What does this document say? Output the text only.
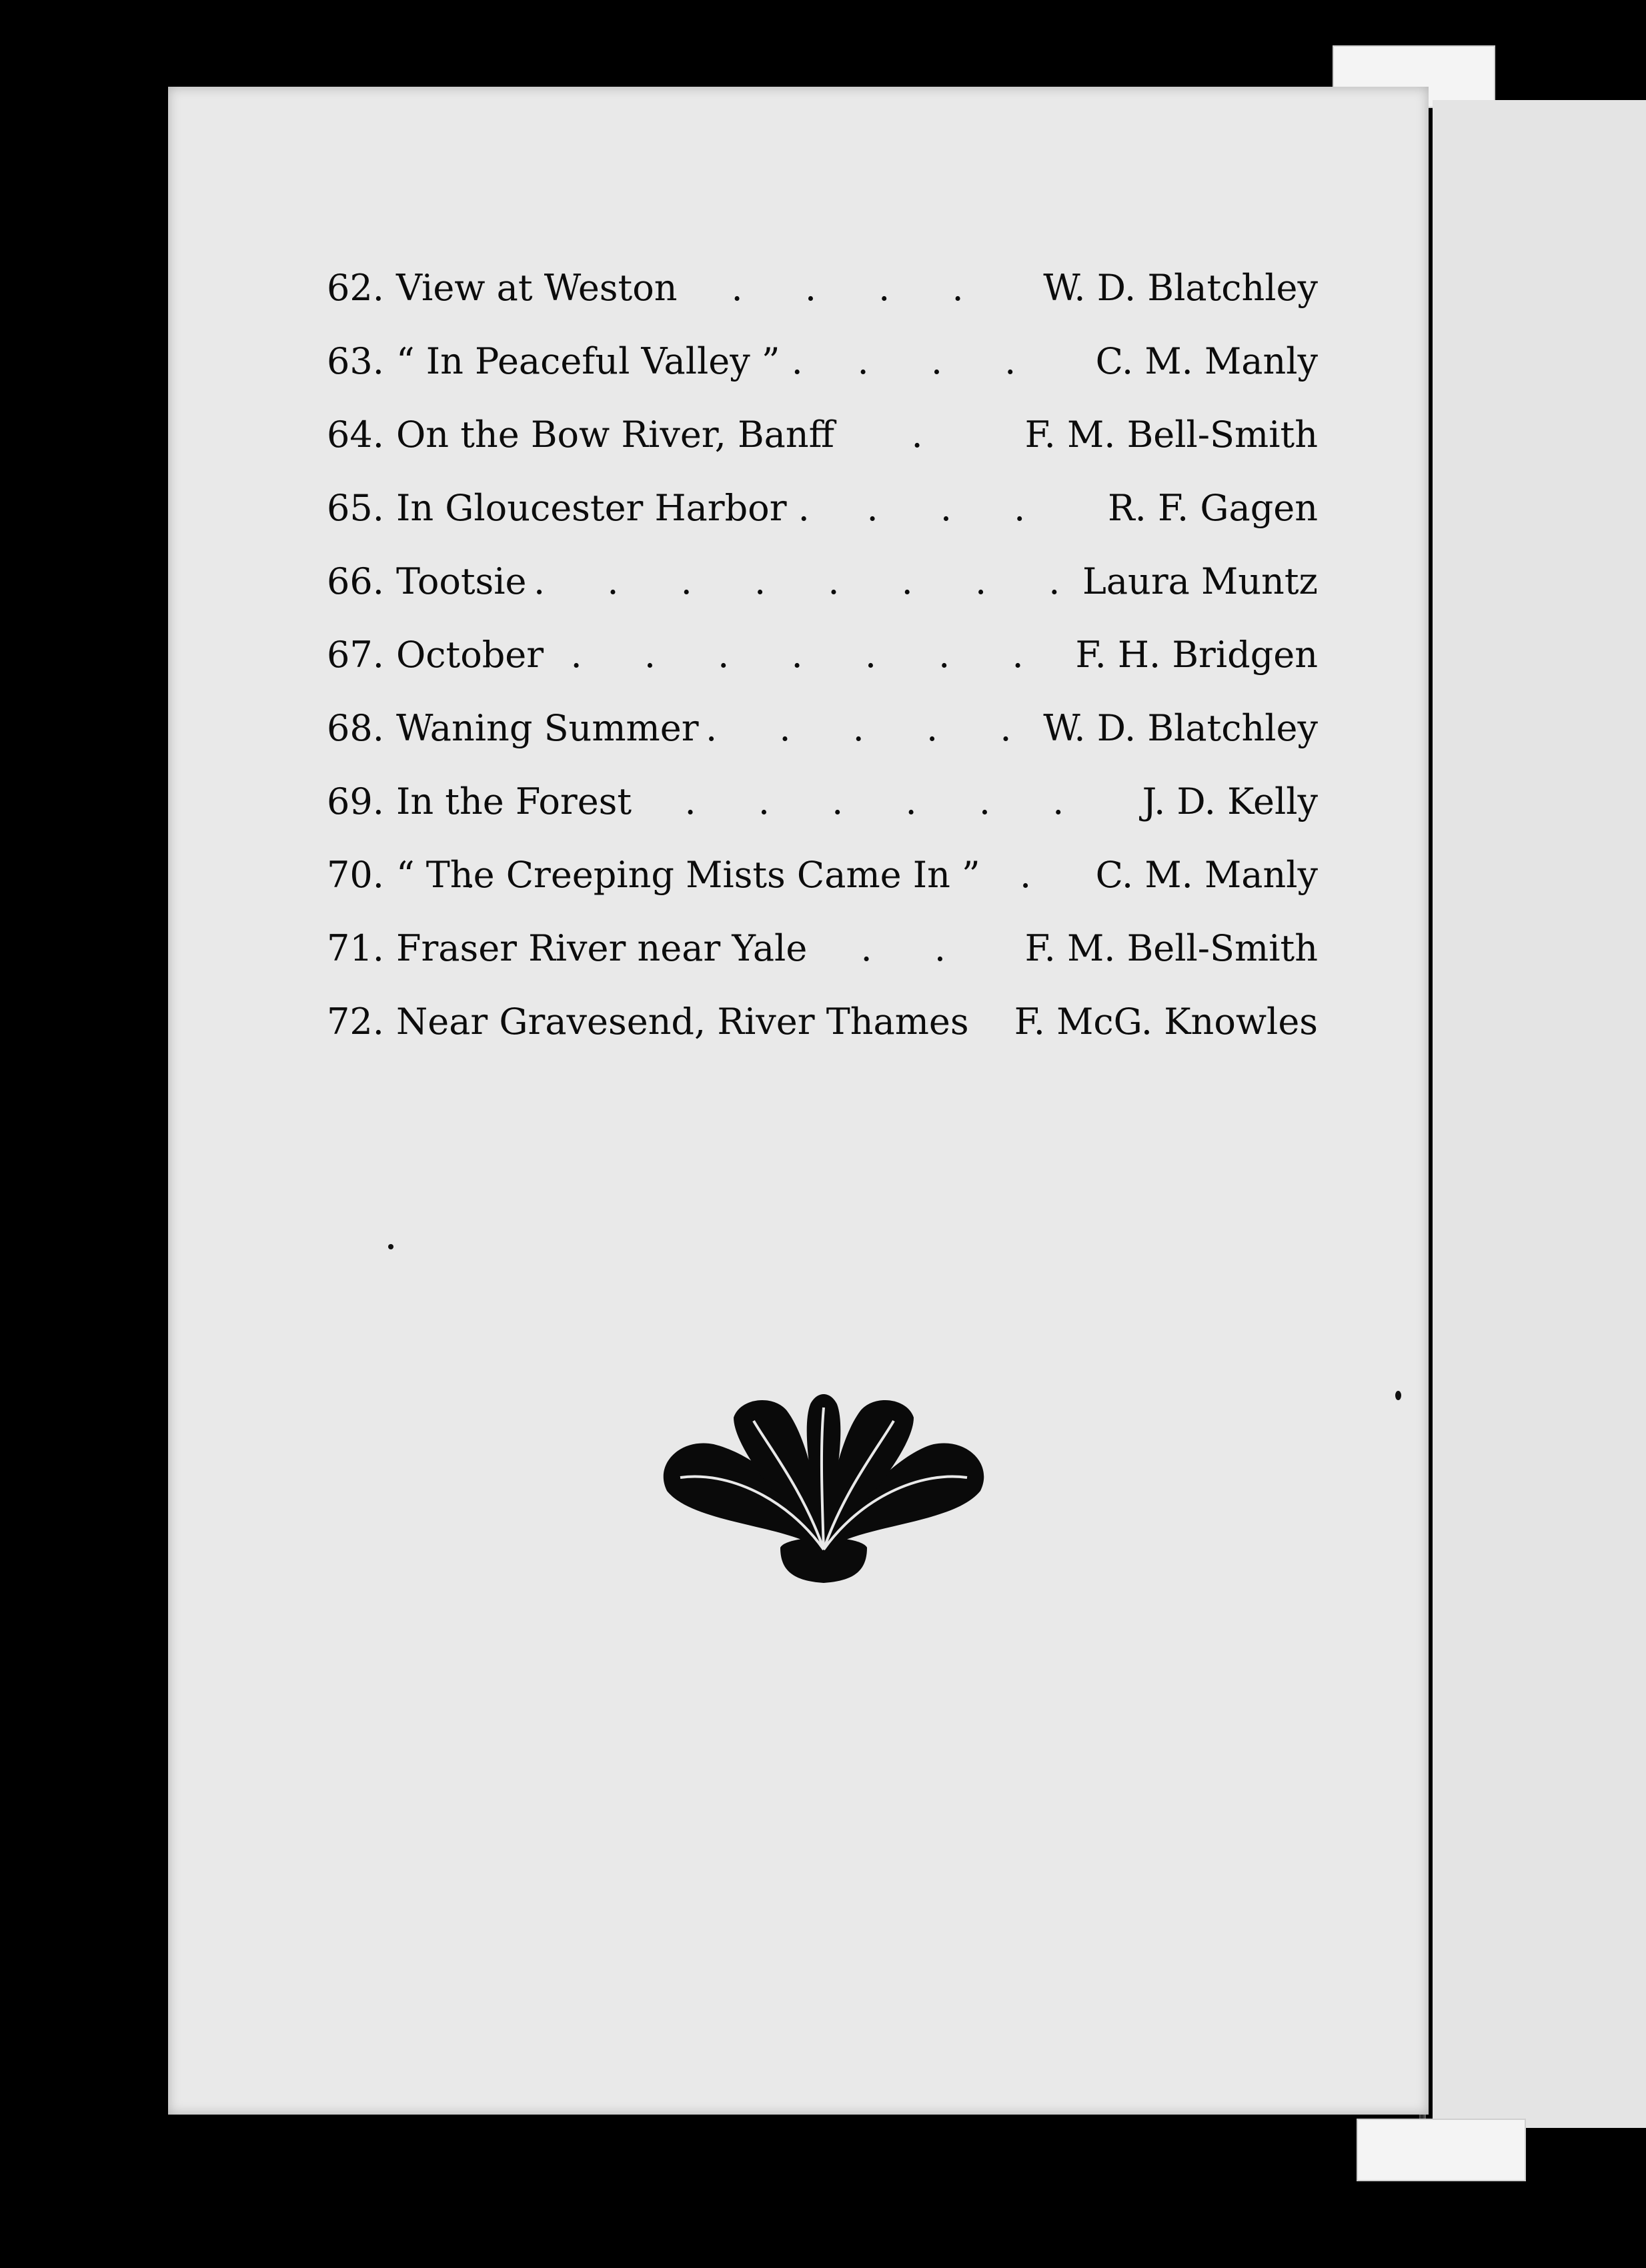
62. View at Weston . . . . W. D. Blatchley
63. “ In Peaceful Valley ” . . . . C. M. Manly
64. On the Bow River, Banff . F. M. Bell-Smith
65. In Gloucester Harbor . . . . R. F. Gagen
66. Tootsie . . . . . . . .
Laura Muntz
67. October . . . . . . . F. H. Bridgen
68. Waning Summer . . . . . W. D. Blatchley
69. In the Forest . . . . . . J. D. Kelly
70. “ The Creeping Mists Came In ” . C. M. Manly
71. Fraser River near Yale . . F. M. Bell-Smith
72. Near Gravesend, River Thames F. McG. Knowles
